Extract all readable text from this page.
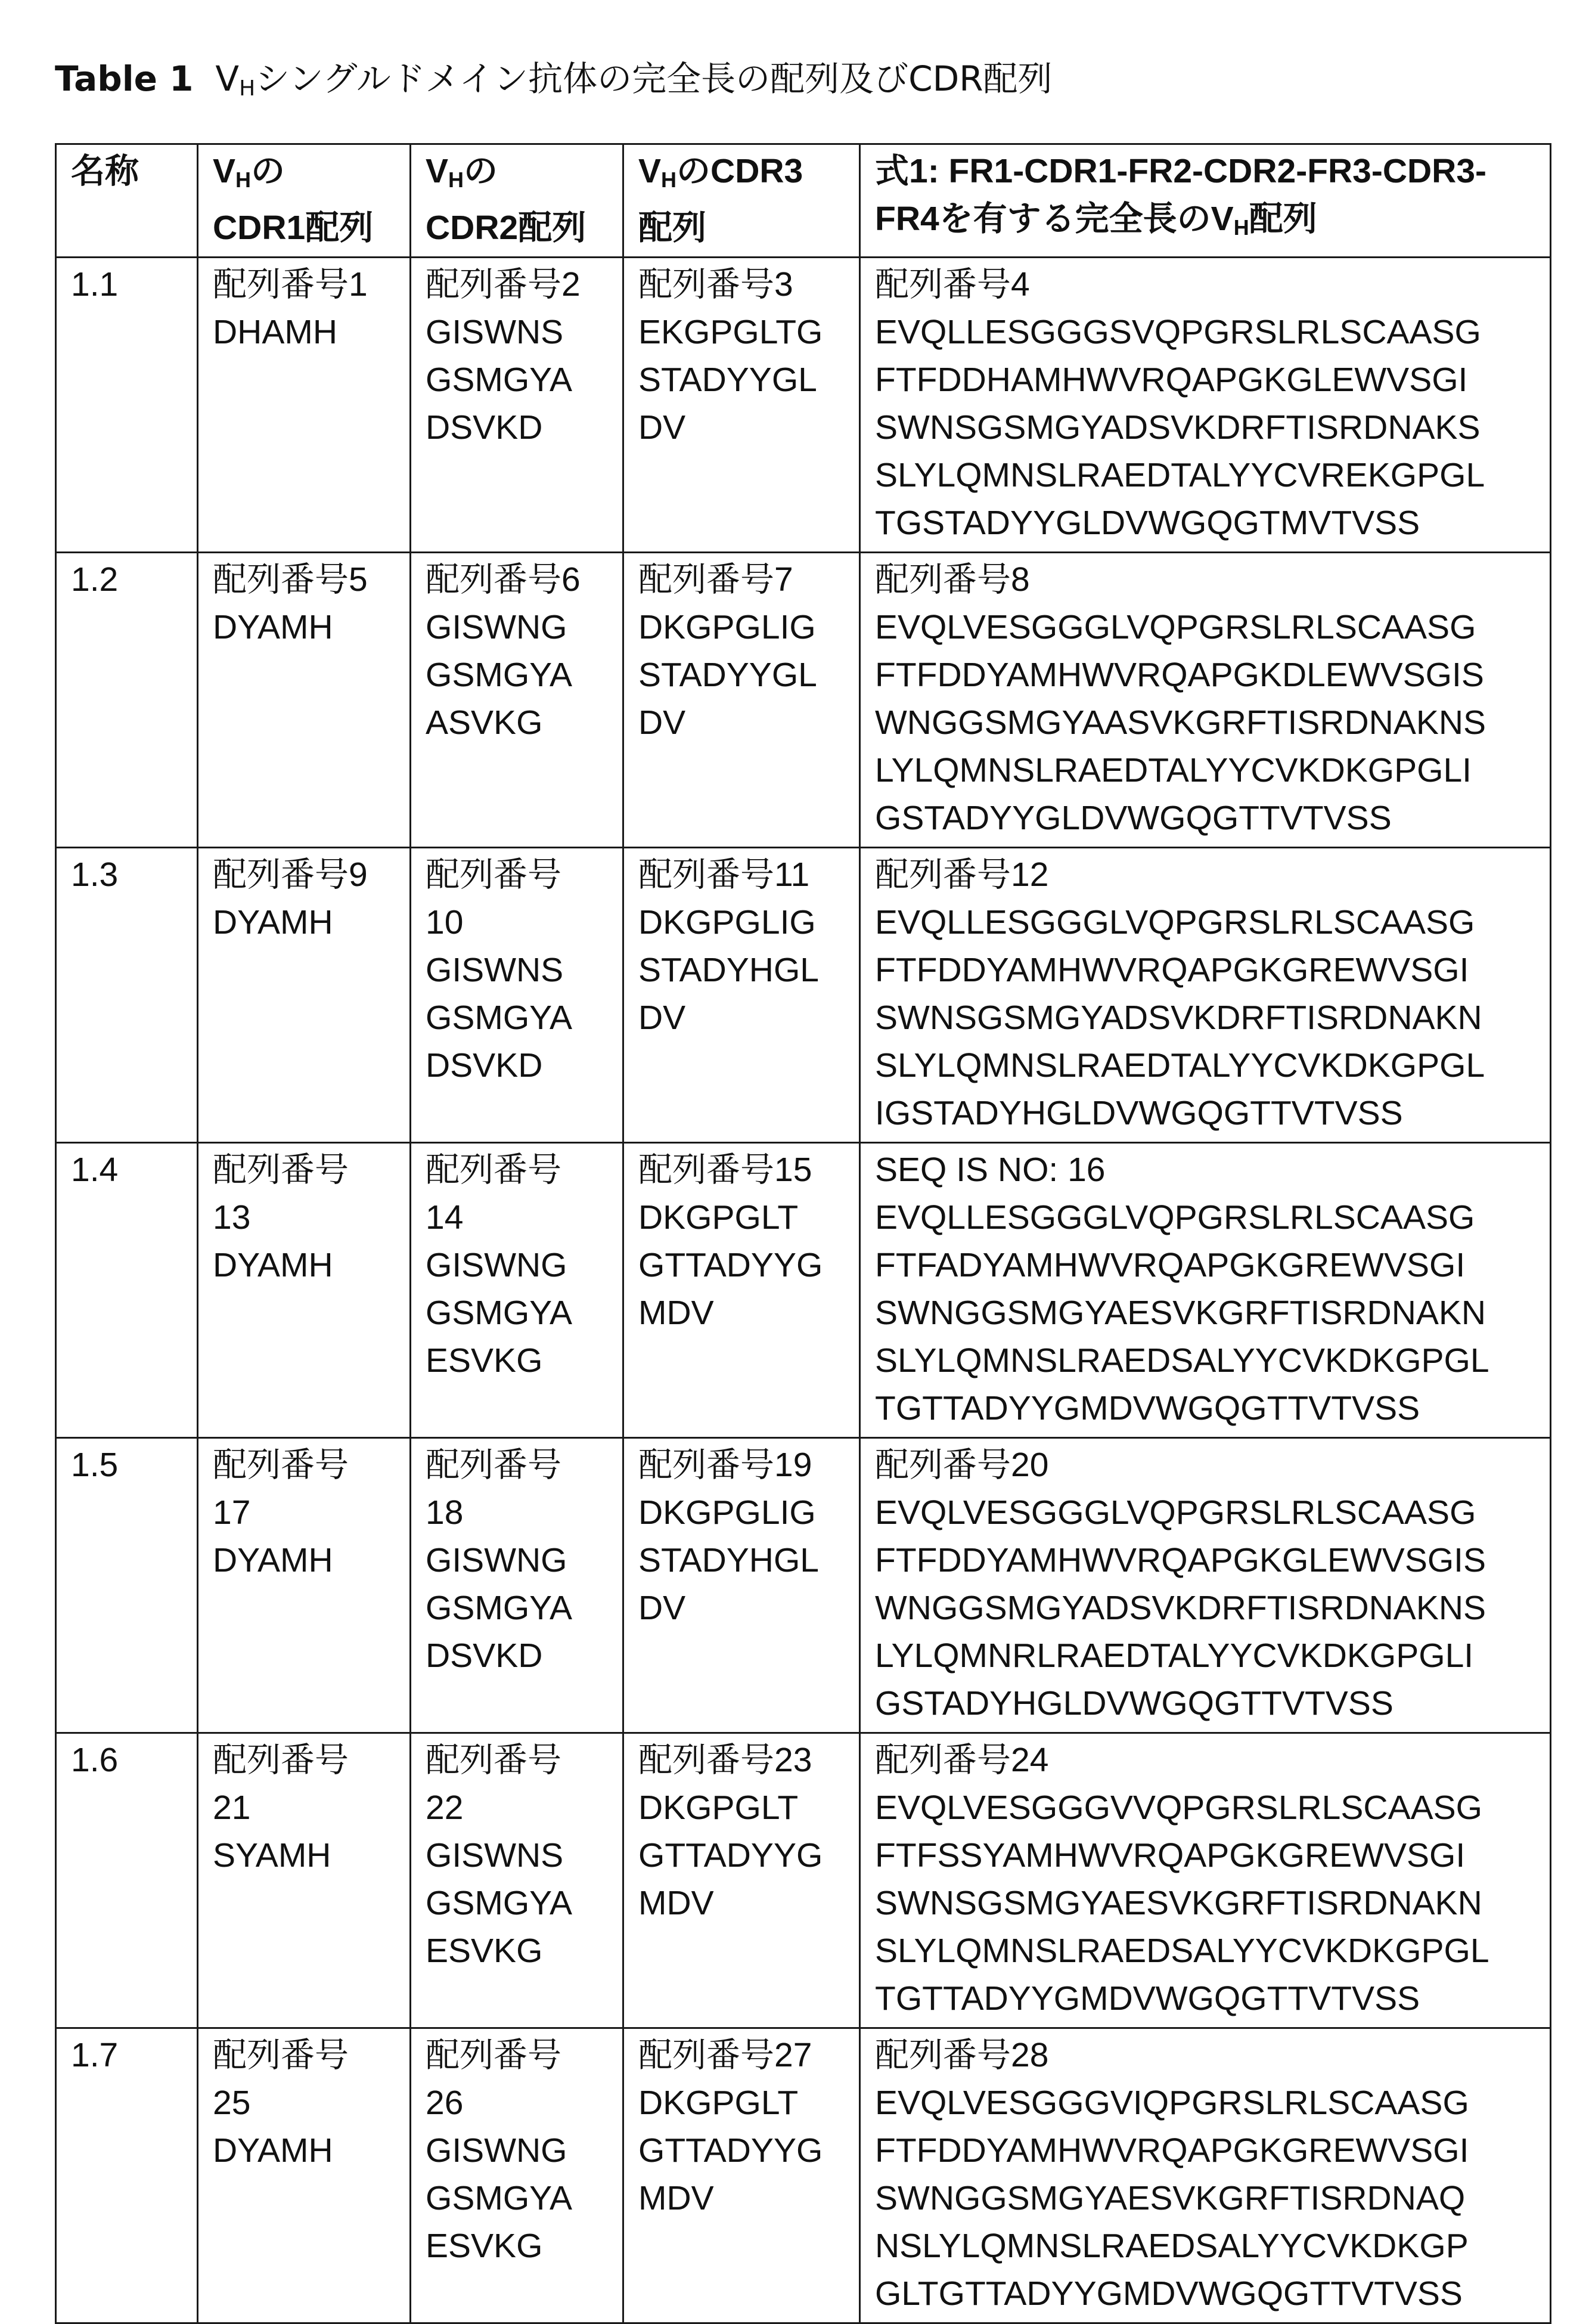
Table 1 VHシングルドメイン抗体の完全長の配列及びCDR配列
名称	VHの
CDR1配列

VHの
CDR2配列

VHのCDR3
配列

式1: FR1-CDR1-FR2-CDR2-FR3-CDR3-
FR4を有する完全長のVH配列

1.1	配列番号1
DHAMH

配列番号2
GISWNS
GSMGYA
DSVKD

配列番号3
EKGPGLTG
STADYYGL
DV

配列番号4
EVQLLESGGGSVQPGRSLRLSCAASG
FTFDDHAMHWVRQAPGKGLEWVSGI
SWNSGSMGYADSVKDRFTISRDNAKS
SLYLQMNSLRAEDTALYYCVREKGPGL
TGSTADYYGLDVWGQGTMVTVSS

1.2	配列番号5
DYAMH

配列番号6
GISWNG
GSMGYA
ASVKG

配列番号7
DKGPGLIG
STADYYGL
DV

配列番号8
EVQLVESGGGLVQPGRSLRLSCAASG
FTFDDYAMHWVRQAPGKDLEWVSGIS
WNGGSMGYAASVKGRFTISRDNAKNS
LYLQMNSLRAEDTALYYCVKDKGPGLI
GSTADYYGLDVWGQGTTVTVSS

1.3	配列番号9
DYAMH

配列番号
10
GISWNS
GSMGYA
DSVKD

配列番号11
DKGPGLIG
STADYHGL
DV

配列番号12
EVQLLESGGGLVQPGRSLRLSCAASG
FTFDDYAMHWVRQAPGKGREWVSGI
SWNSGSMGYADSVKDRFTISRDNAKN
SLYLQMNSLRAEDTALYYCVKDKGPGL
IGSTADYHGLDVWGQGTTVTVSS

1.4	配列番号
13
DYAMH

配列番号
14
GISWNG
GSMGYA
ESVKG

配列番号15
DKGPGLT
GTTADYYG
MDV

SEQ IS NO: 16
EVQLLESGGGLVQPGRSLRLSCAASG
FTFADYAMHWVRQAPGKGREWVSGI
SWNGGSMGYAESVKGRFTISRDNAKN
SLYLQMNSLRAEDSALYYCVKDKGPGL
TGTTADYYGMDVWGQGTTVTVSS

1.5	配列番号
17
DYAMH

配列番号
18
GISWNG
GSMGYA
DSVKD

配列番号19
DKGPGLIG
STADYHGL
DV

配列番号20
EVQLVESGGGLVQPGRSLRLSCAASG
FTFDDYAMHWVRQAPGKGLEWVSGIS
WNGGSMGYADSVKDRFTISRDNAKNS
LYLQMNRLRAEDTALYYCVKDKGPGLI
GSTADYHGLDVWGQGTTVTVSS

1.6	配列番号
21
SYAMH

配列番号
22
GISWNS
GSMGYA
ESVKG

配列番号23
DKGPGLT
GTTADYYG
MDV

配列番号24
EVQLVESGGGVVQPGRSLRLSCAASG
FTFSSYAMHWVRQAPGKGREWVSGI
SWNSGSMGYAESVKGRFTISRDNAKN
SLYLQMNSLRAEDSALYYCVKDKGPGL
TGTTADYYGMDVWGQGTTVTVSS

1.7	配列番号
25
DYAMH

配列番号
26
GISWNG
GSMGYA
ESVKG

配列番号27
DKGPGLT
GTTADYYG
MDV

配列番号28
EVQLVESGGGVIQPGRSLRLSCAASG
FTFDDYAMHWVRQAPGKGREWVSGI
SWNGGSMGYAESVKGRFTISRDNAQ
NSLYLQMNSLRAEDSALYYCVKDKGP
GLTGTTADYYGMDVWGQGTTVTVSS
